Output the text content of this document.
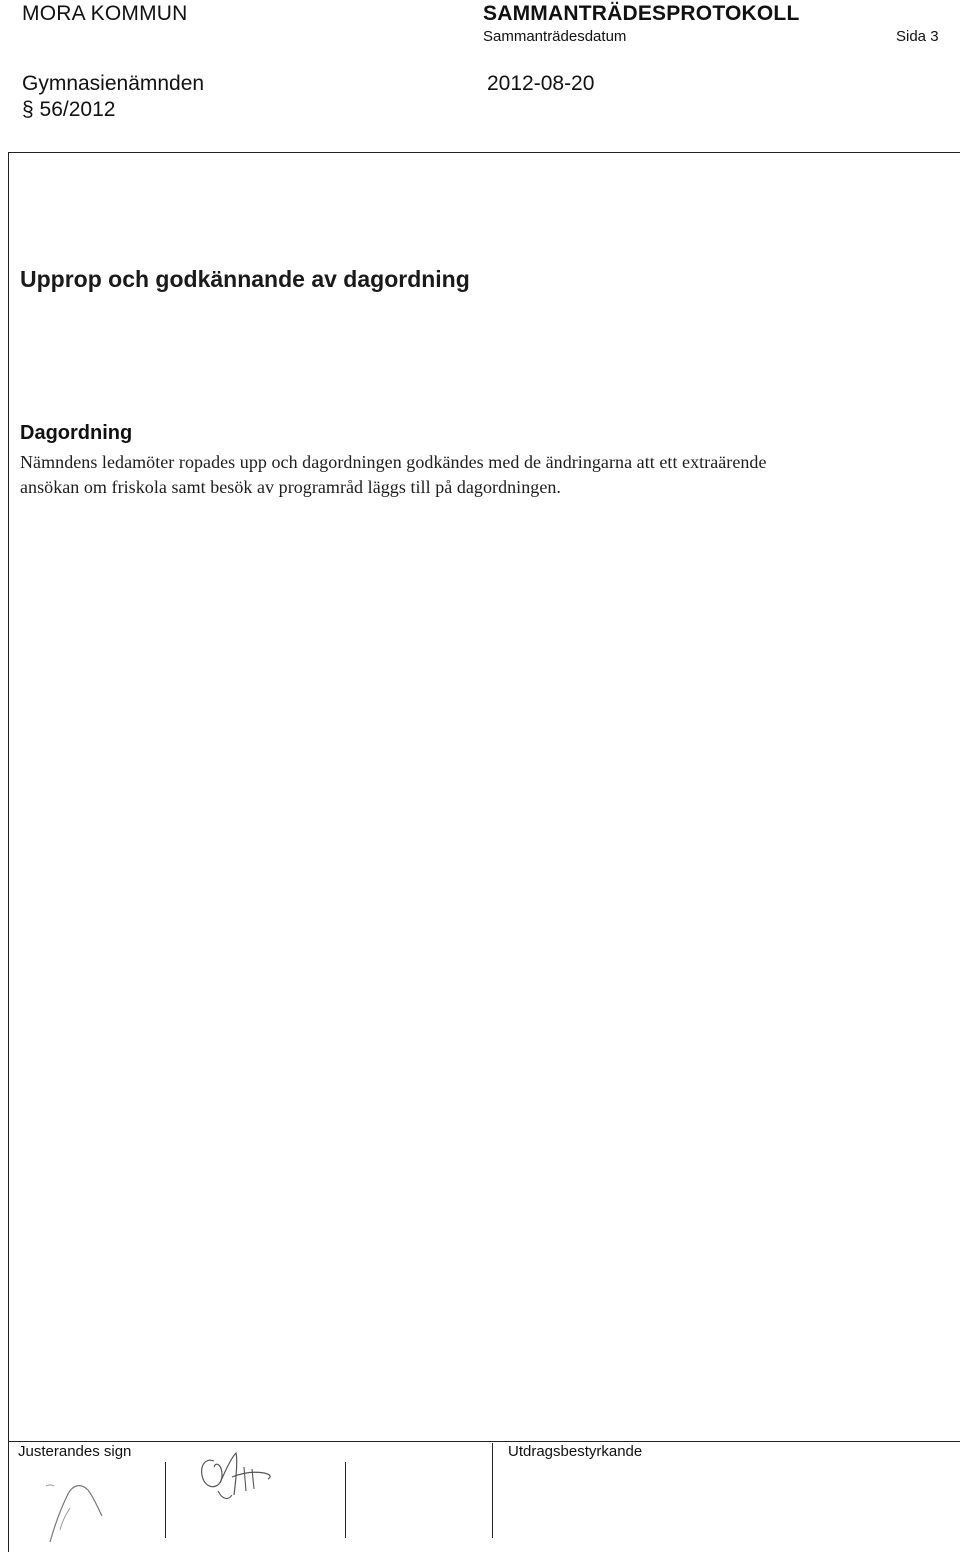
MORA KOMMUN	SAMMANTRÄDESPROTOKOLL
Sammanträdesdatum	Sida 3
Gymnasienämnden	2012-08-20
§ 56/2012
Upprop och godkännande av dagordning
Dagordning
Nämndens ledamöter ropades upp och dagordningen godkändes med de ändringarna att ett extraärende
ansökan om friskola samt besök av programråd läggs till på dagordningen.
Justerandes sign	Utdragsbestyrkande
